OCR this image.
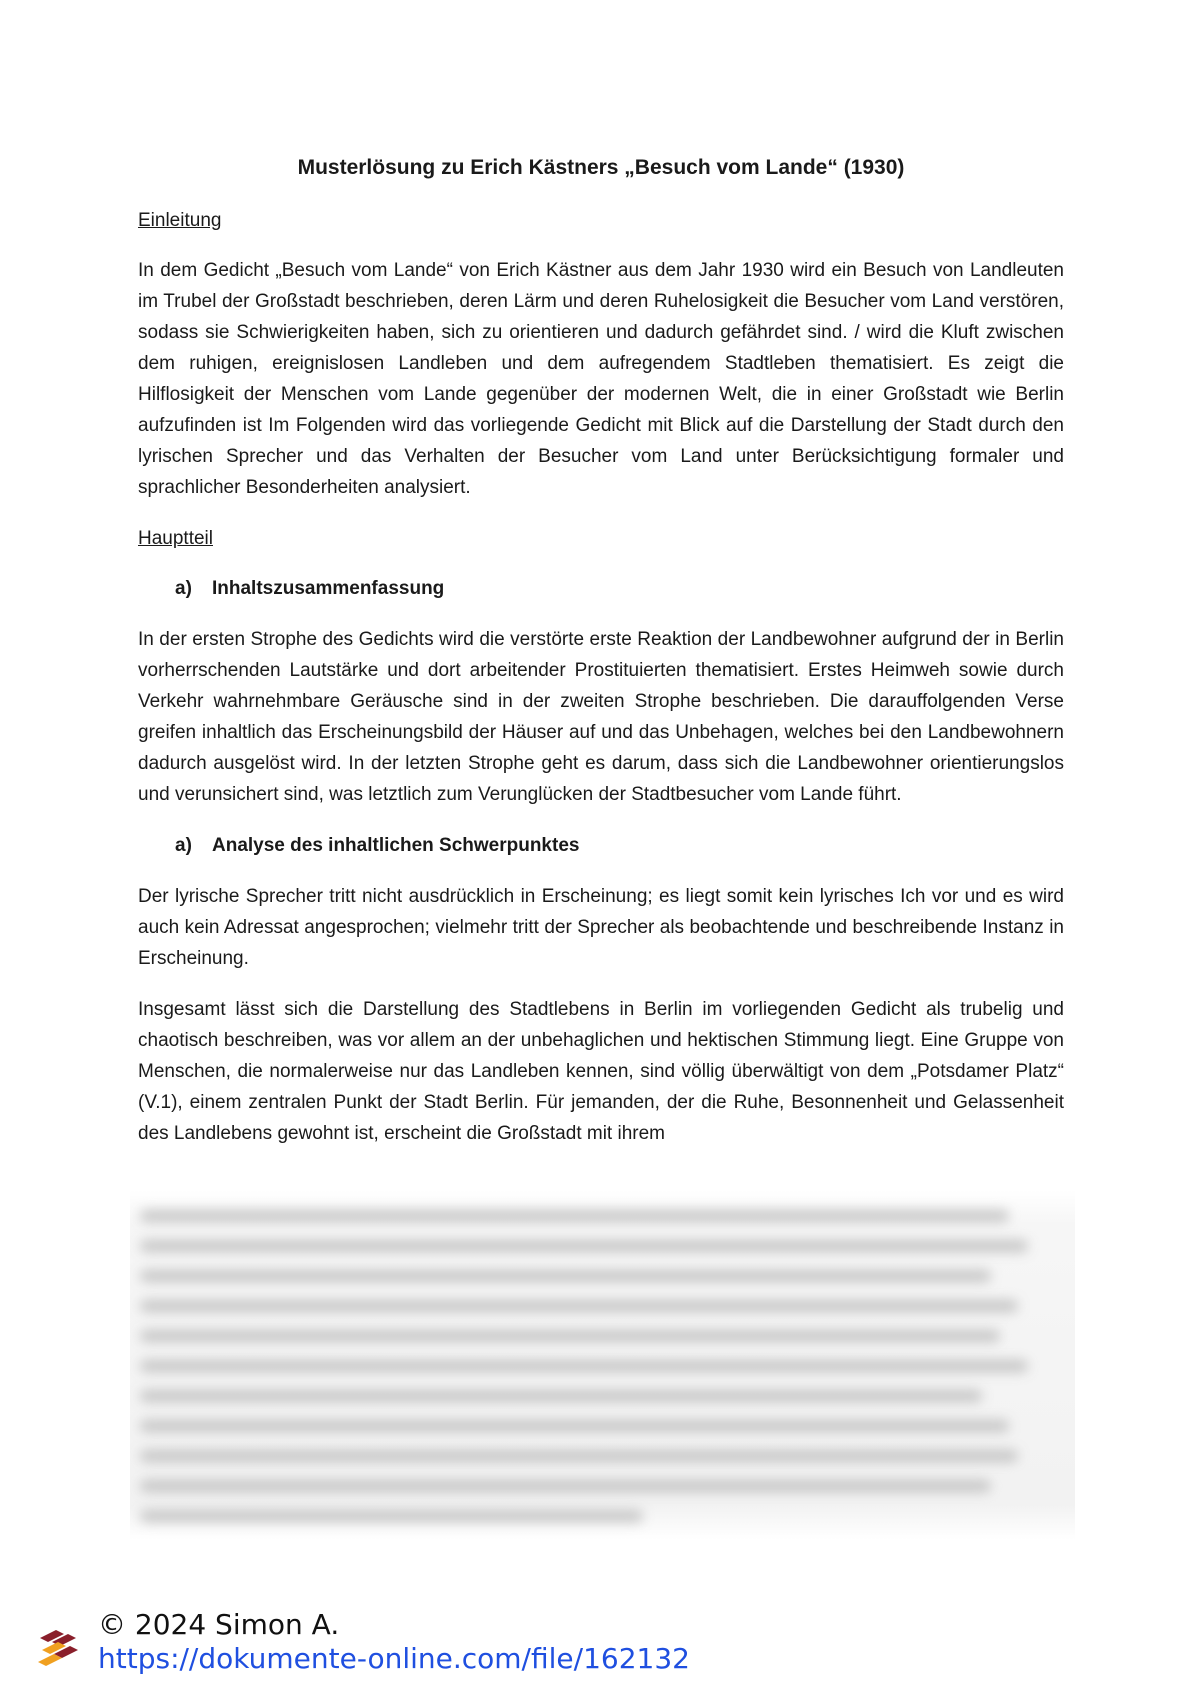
Musterlösung zu Erich Kästners „Besuch vom Lande“ (1930)
Einleitung

In dem Gedicht „Besuch vom Lande“ von Erich Kästner aus dem Jahr 1930 wird ein Besuch von Landleuten im Trubel der Großstadt beschrieben, deren Lärm und deren Ruhelosigkeit die Besucher vom Land verstören, sodass sie Schwierigkeiten haben, sich zu orientieren und dadurch gefährdet sind. / wird die Kluft zwischen dem ruhigen, ereignislosen Landleben und dem aufregendem Stadtleben thematisiert. Es zeigt die Hilflosigkeit der Menschen vom Lande gegenüber der modernen Welt, die in einer Großstadt wie Berlin aufzufinden ist Im Folgenden wird das vorliegende Gedicht mit Blick auf die Darstellung der Stadt durch den lyrischen Sprecher und das Verhalten der Besucher vom Land unter Berücksichtigung formaler und sprachlicher Besonderheiten analysiert.

Hauptteil
a)	Inhaltszusammenfassung

In der ersten Strophe des Gedichts wird die verstörte erste Reaktion der Landbewohner aufgrund der in Berlin vorherrschenden Lautstärke und dort arbeitender Prostituierten thematisiert. Erstes Heimweh sowie durch Verkehr wahrnehmbare Geräusche sind in der zweiten Strophe beschrieben. Die darauffolgenden Verse greifen inhaltlich das Erscheinungsbild der Häuser auf und das Unbehagen, welches bei den Landbewohnern dadurch ausgelöst wird. In der letzten Strophe geht es darum, dass sich die Landbewohner orientierungslos und verunsichert sind, was letztlich zum Verunglücken der Stadtbesucher vom Lande führt.

a)	Analyse des inhaltlichen Schwerpunktes

Der lyrische Sprecher tritt nicht ausdrücklich in Erscheinung; es liegt somit kein lyrisches Ich vor und es wird auch kein Adressat angesprochen; vielmehr tritt der Sprecher als beobachtende und beschreibende Instanz in Erscheinung.

Insgesamt lässt sich die Darstellung des Stadtlebens in Berlin im vorliegenden Gedicht als trubelig und chaotisch beschreiben, was vor allem an der unbehaglichen und hektischen Stimmung liegt. Eine Gruppe von Menschen, die normalerweise nur das Landleben kennen, sind völlig überwältigt von dem „Potsdamer Platz“ (V.1), einem zentralen Punkt der Stadt Berlin. Für jemanden, der die Ruhe, Besonnenheit und Gelassenheit des Landlebens gewohnt ist, erscheint die Großstadt mit ihrem

© 2024 Simon A.
https://dokumente-online.com/file/162132
